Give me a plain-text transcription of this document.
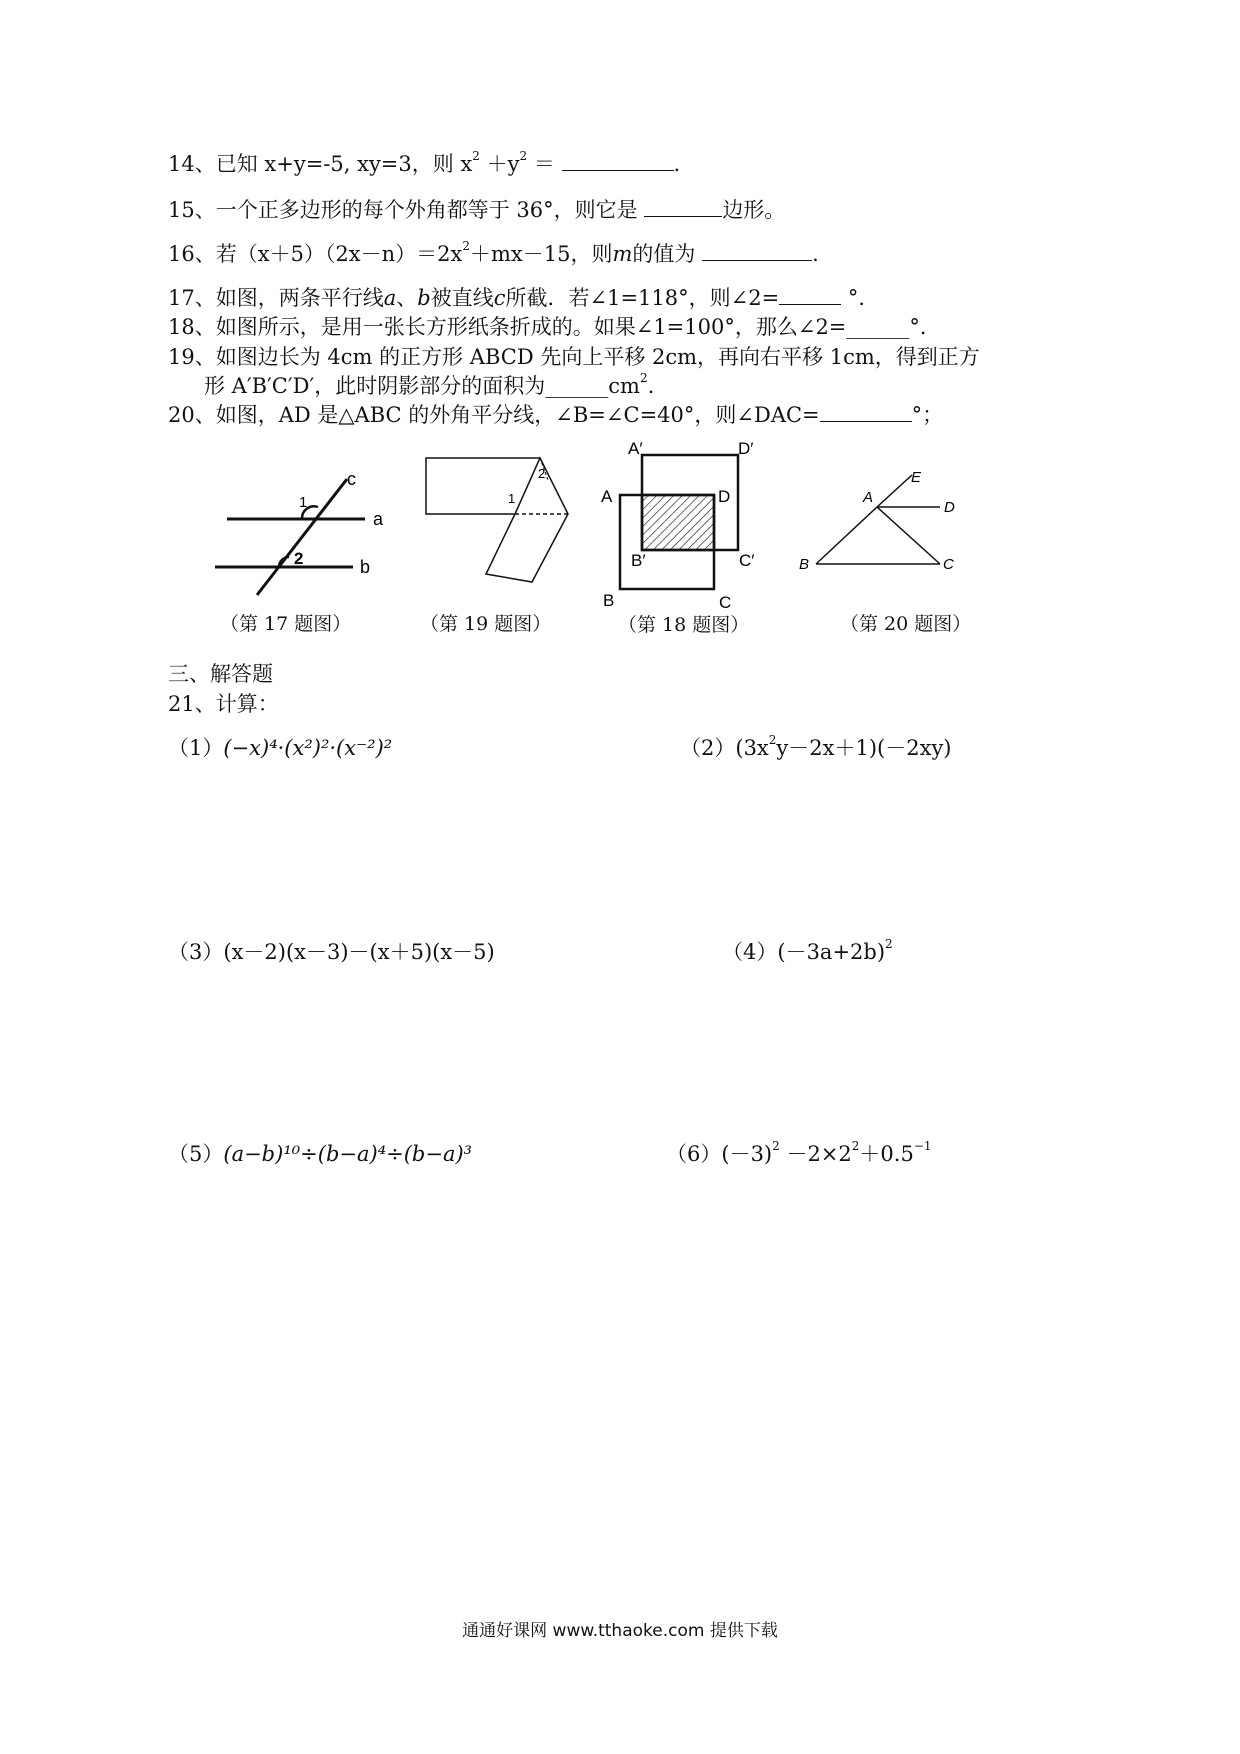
14、已知 x+y=-5, xy=3，则 $x^2 +y^2$ ＝	.
15、一个正多边形的每个外角都等于 36°，则它是	边形。
16、若$(x+5)(2x-n)=2x^2+mx-15$，则m的值为	.
17、如图，两条平行线a、b被直线c所截．若∠1=118°，则∠2=	°．
18、如图所示，是用一张长方形纸条折成的。如果∠1=100°，那么∠2=______°．
19、如图边长为 4cm 的正方形 ABCD 先向上平移 2cm，再向右平移 1cm，得到正方
形 A′B′C′D′，此时阴影部分的面积为$\_\_\_\_\_\_cm^2$.
20、如图，AD 是△ABC 的外角平分线，∠B=∠C=40°，则∠DAC=	°；
1
2
a
b
c
（第 17 题图）
1
2
（第 19 题图）
A′	D′
A	D
B′	C′
B	C
（第 18 题图）
E
A
D
B	C
（第 20 题图）
三、解答题
21、计算：
（1）(−x)⁴·(x²)²·(x⁻²)²	$(2)(3x^2y-2x+1)(-2xy)$
（3）(x－2)(x－3)－(x＋5)(x－5)	$(4)(-3a+2b)^2$
（5）(a−b)¹⁰÷(b−a)⁴÷(b−a)³	$(6)(-3)^2 -2\times 2^2+0.5^{-1}$
通通好课网 www.tthaoke.com 提供下载
